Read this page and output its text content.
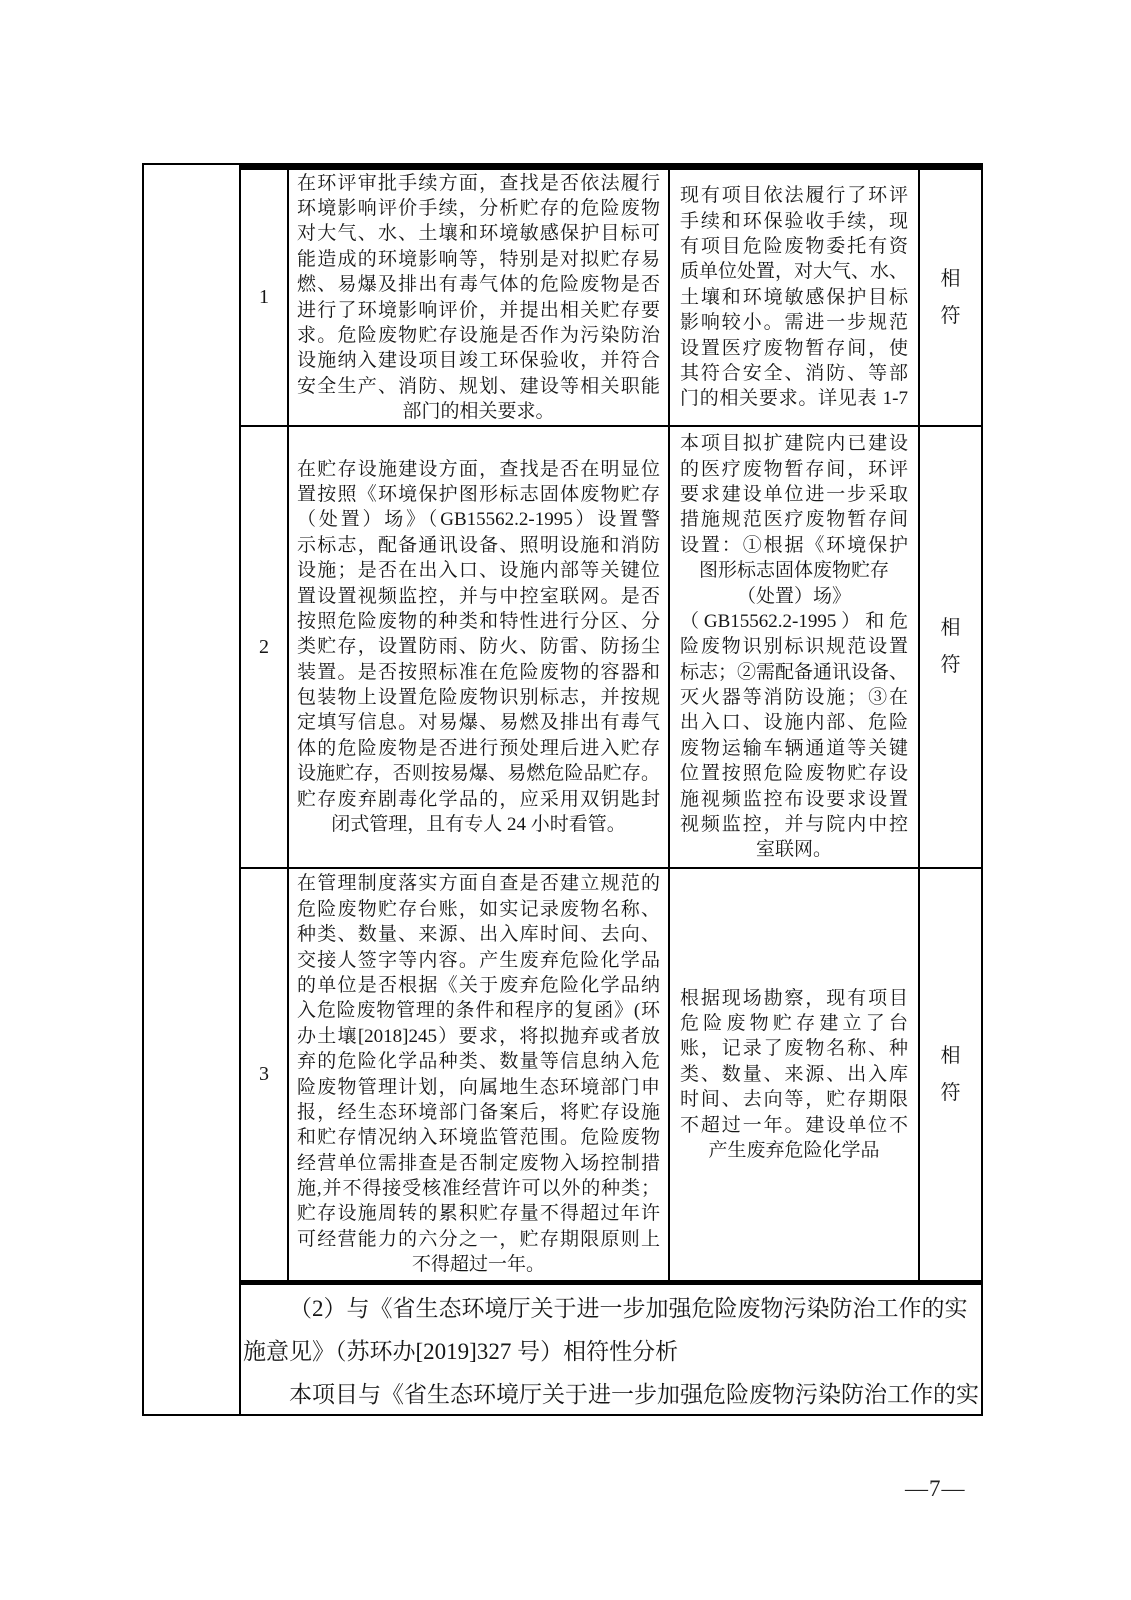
1
在环评审批手续方面，查找是否依法履行
环境影响评价手续，分析贮存的危险废物
对大气、水、土壤和环境敏感保护目标可
能造成的环境影响等，特别是对拟贮存易
燃、易爆及排出有毒气体的危险废物是否
进行了环境影响评价，并提出相关贮存要
求。危险废物贮存设施是否作为污染防治
设施纳入建设项目竣工环保验收，并符合
安全生产、消防、规划、建设等相关职能
部门的相关要求。
现有项目依法履行了环评
手续和环保验收手续，现
有项目危险废物委托有资
质单位处置，对大气、水、
土壤和环境敏感保护目标
影响较小。需进一步规范
设置医疗废物暂存间，使
其符合安全、消防、等部
门的相关要求。详见表 1-7
相符
2
在贮存设施建设方面，查找是否在明显位
置按照《环境保护图形标志固体废物贮存
（处置）场》（GB15562.2-1995）设置警
示标志，配备通讯设备、照明设施和消防
设施；是否在出入口、设施内部等关键位
置设置视频监控，并与中控室联网。是否
按照危险废物的种类和特性进行分区、分
类贮存，设置防雨、防火、防雷、防扬尘
装置。是否按照标准在危险废物的容器和
包装物上设置危险废物识别标志，并按规
定填写信息。对易爆、易燃及排出有毒气
体的危险废物是否进行预处理后进入贮存
设施贮存，否则按易爆、易燃危险品贮存。
贮存废弃剧毒化学品的，应采用双钥匙封
闭式管理，且有专人 24 小时看管。
本项目拟扩建院内已建设
的医疗废物暂存间，环评
要求建设单位进一步采取
措施规范医疗废物暂存间
设置：①根据《环境保护
图形标志固体废物贮存
（处置）场》
（GB15562.2-1995）和危
险废物识别标识规范设置
标志；②需配备通讯设备、
灭火器等消防设施；③在
出入口、设施内部、危险
废物运输车辆通道等关键
位置按照危险废物贮存设
施视频监控布设要求设置
视频监控，并与院内中控
室联网。
相符
3
在管理制度落实方面自查是否建立规范的
危险废物贮存台账，如实记录废物名称、
种类、数量、来源、出入库时间、去向、
交接人签字等内容。产生废弃危险化学品
的单位是否根据《关于废弃危险化学品纳
入危险废物管理的条件和程序的复函》(环
办土壤[2018]245）要求，将拟抛弃或者放
弃的危险化学品种类、数量等信息纳入危
险废物管理计划，向属地生态环境部门申
报，经生态环境部门备案后，将贮存设施
和贮存情况纳入环境监管范围。危险废物
经营单位需排查是否制定废物入场控制措
施,并不得接受核准经营许可以外的种类；
贮存设施周转的累积贮存量不得超过年许
可经营能力的六分之一，贮存期限原则上
不得超过一年。
根据现场勘察，现有项目
危险废物贮存建立了台
账，记录了废物名称、种
类、数量、来源、出入库
时间、去向等，贮存期限
不超过一年。建设单位不
产生废弃危险化学品
相符
（2）与《省生态环境厅关于进一步加强危险废物污染防治工作的实
施意见》（苏环办[2019]327 号）相符性分析
本项目与《省生态环境厅关于进一步加强危险废物污染防治工作的实
—7—
